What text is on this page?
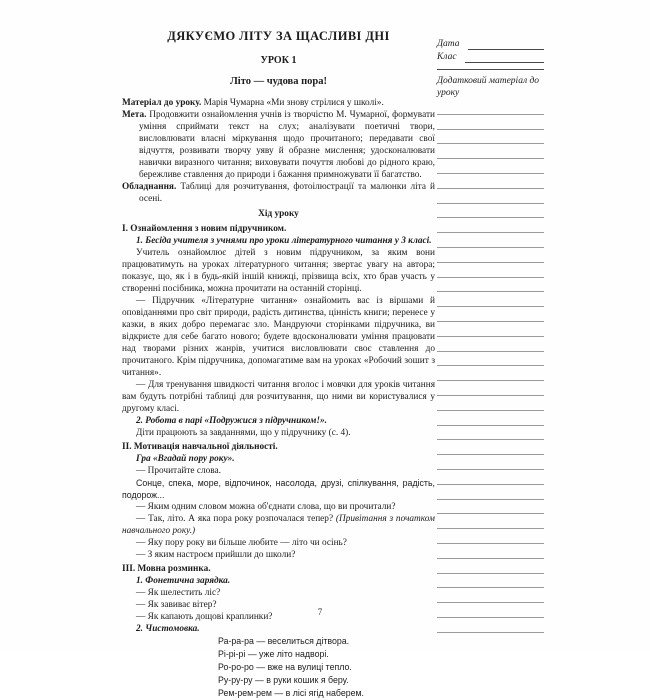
ДЯКУЄМО ЛІТУ ЗА ЩАСЛИВІ ДНІ
УРОК 1
Літо — чудова пора!

Матеріал до уроку. Марія Чумарна «Ми знову стрілися у школі».

Мета. Продовжити ознайомлення учнів із творчістю М. Чумарної, формувати уміння сприймати текст на слух; аналізувати поетичні твори, висловлювати власні міркування щодо прочитаного; передавати свої відчуття, розвивати творчу уяву й образне мислення; удосконалювати навички виразного читання; виховувати почуття любові до рідного краю, бережливе ставлення до природи і бажання примножувати її багатство.

Обладнання. Таблиці для розчитування, фотоілюстрації та малюнки літа й осені.

Хід уроку

I. Ознайомлення з новим підручником.

1. Бесіда учителя з учнями про уроки літературного читання у 3 класі.

Учитель ознайомлює дітей з новим підручником, за яким вони працюватимуть на уроках літературного читання; звертає увагу на автора; показує, що, як і в будь-якій іншій книжці, прізвища всіх, хто брав участь у створенні посібника, можна прочитати на останній сторінці.

— Підручник «Літературне читання» ознайомить вас із віршами й оповіданнями про світ природи, радість дитинства, цінність книги; перенесе у казки, в яких добро перемагає зло. Мандруючи сторінками підручника, ви відкриєте для себе багато нового; будете вдосконалювати уміння працювати над творами різних жанрів, учитися висловлювати своє ставлення до прочитаного. Крім підручника, допомагатиме вам на уроках «Робочий зошит з читання».

— Для тренування швидкості читання вголос і мовчки для уроків читання вам будуть потрібні таблиці для розчитування, що ними ви користувалися у другому класі.

2. Робота в парі «Подружися з підручником!».

Діти працюють за завданнями, що у підручнику (с. 4).

II. Мотивація навчальної діяльності.

Гра «Вгадай пору року».

— Прочитайте слова.

Сонце, спека, море, відпочинок, насолода, друзі, спілкування, радість, подорож...

— Яким одним словом можна об'єднати слова, що ви прочитали?

— Так, літо. А яка пора року розпочалася тепер? (Привітання з початком навчального року.)

— Яку пору року ви більше любите — літо чи осінь?

— З яким настроєм прийшли до школи?

III. Мовна розминка.

1. Фонетична зарядка.

— Як шелестить ліс?

— Як завиває вітер?

— Як капають дощові краплинки?

2. Чистомовка.

Ра-ра-ра — веселиться дітвора.
Рі-рі-рі — уже літо надворі.
Ро-ро-ро — вже на вулиці тепло.
Ру-ру-ру — в руки кошик я беру.
Рем-рем-рем — в лісі ягід наберем.
Дата
Клас
Додатковий матеріал до уроку
7
